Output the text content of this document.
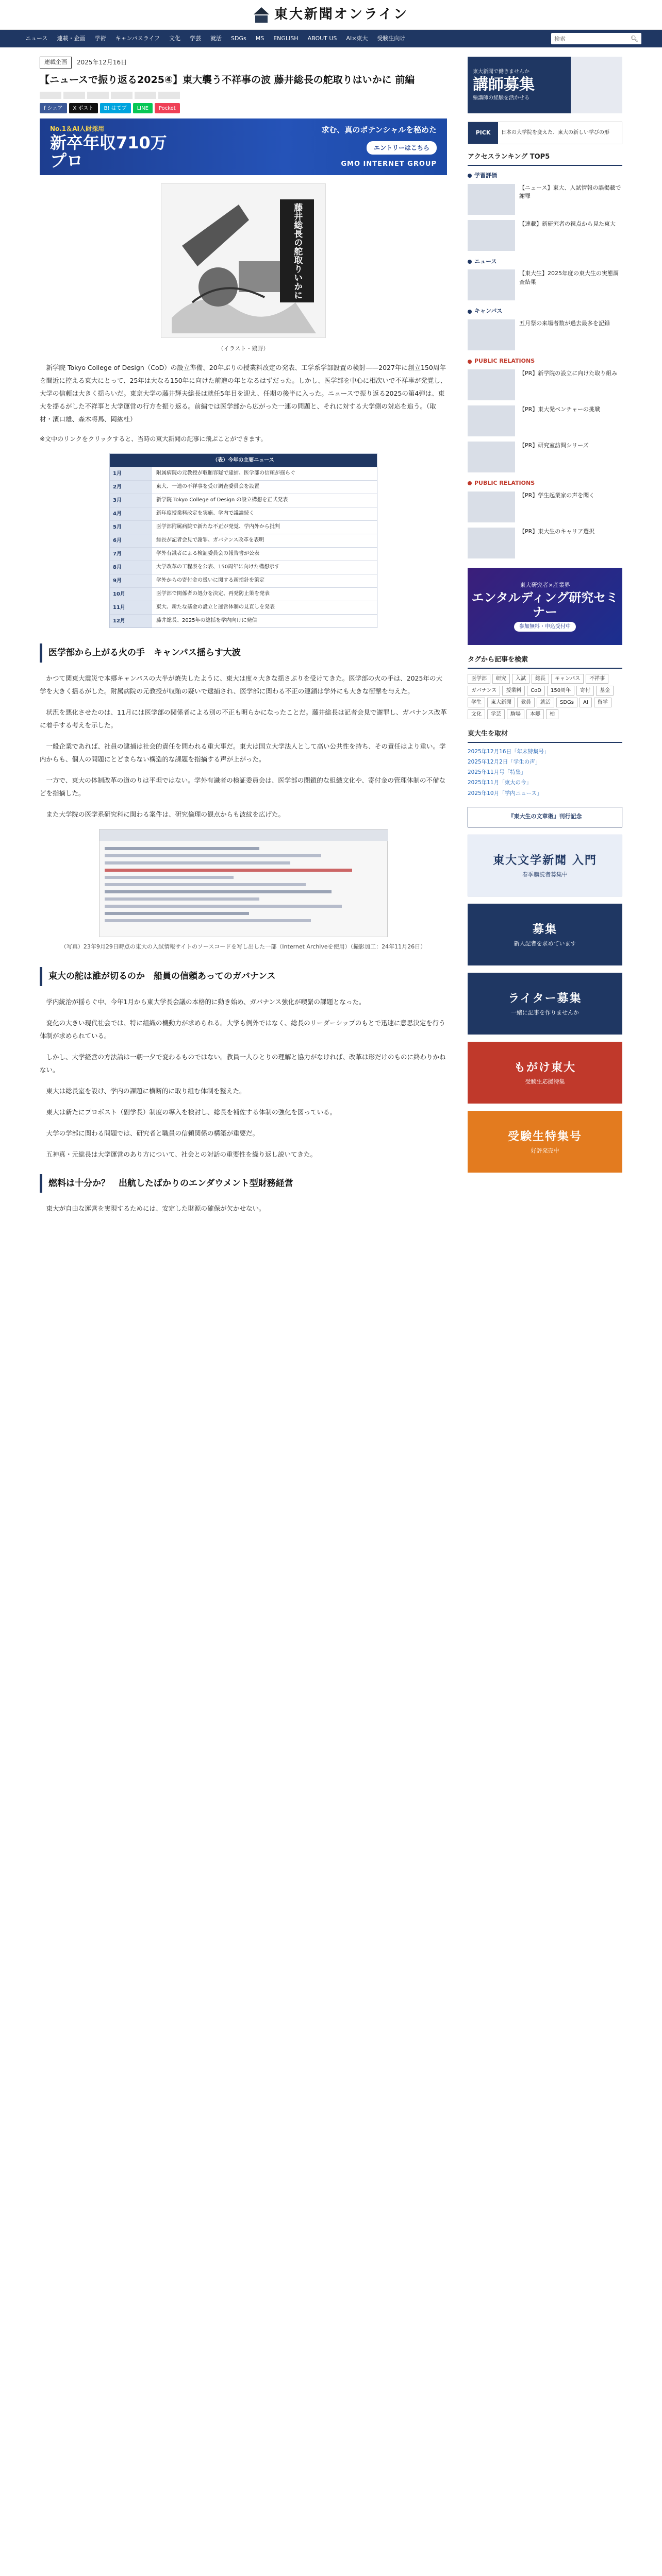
東大新聞オンライン
ニュース	連載・企画	学術	キャンパスライフ	文化	学芸	就活	SDGs	MS	ENGLISH	ABOUT US	AI×東大	受験生向け
検索	🔍︎
連載企画	2025年12月16日
【ニュースで振り返る2025④】東大襲う不祥事の波 藤井総長の舵取りはいかに 前編
f シェア	X ポスト	B! はてブ	LINE	Pocket
No.1＆AI人財採用
新卒年収710万プロ
求む、真のポテンシャルを秘めた
エントリーはこちら
GMO INTERNET GROUP
藤井総長の
舵取りいかに
（イラスト・鶏野）

新学院 Tokyo College of Design（CoD）の設立準備、20年ぶりの授業料改定の発表、工学系学部設置の検討——2027年に創立150周年を間近に控える東大にとって、25年は大なる150年に向けた前進の年となるはずだった。しかし、医学部を中心に相次いで不祥事が発覚し、大学の信頼は大きく揺らいだ。東京大学の藤井輝夫総長は就任5年目を迎え、任期の後半に入った。ニュースで振り返る2025の第4弾は、東大を揺るがした不祥事と大学運営の行方を振り返る。前編では医学部から広がった一連の問題と、それに対する大学側の対応を追う。（取材・濱口雄、森木将馬、岡紘杜）

※文中のリンクをクリックすると、当時の東大新聞の記事に飛ぶことができます。

（表）今年の主要ニュース
1月	附属病院の元教授が収賄容疑で逮捕、医学部の信頼が揺らぐ
2月	東大、一連の不祥事を受け調査委員会を設置
3月	新学院 Tokyo College of Design の設立構想を正式発表
4月	新年度授業料改定を実施、学内で議論続く
5月	医学部附属病院で新たな不正が発覚、学内外から批判
6月	総長が記者会見で謝罪、ガバナンス改革を表明
7月	学外有識者による検証委員会の報告書が公表
8月	大学改革の工程表を公表、150周年に向けた構想示す
9月	学外からの寄付金の扱いに関する新指針を策定
10月	医学部で関係者の処分を決定、再発防止策を発表
11月	東大、新たな基金の設立と運営体制の見直しを発表
12月	藤井総長、2025年の総括を学内向けに発信
医学部から上がる火の手　キャンパス揺らす大波

かつて関東大震災で本郷キャンパスの大半が焼失したように、東大は度々大きな揺さぶりを受けてきた。医学部の火の手は、2025年の大学を大きく揺るがした。附属病院の元教授が収賄の疑いで逮捕され、医学部に関わる不正の連鎖は学外にも大きな衝撃を与えた。

状況を悪化させたのは、11月には医学部の関係者による別の不正も明らかになったことだ。藤井総長は記者会見で謝罪し、ガバナンス改革に着手する考えを示した。

一般企業であれば、社員の逮捕は社会的責任を問われる重大事だ。東大は国立大学法人として高い公共性を持ち、その責任はより重い。学内からも、個人の問題にとどまらない構造的な課題を指摘する声が上がった。

一方で、東大の体制改革の道のりは平坦ではない。学外有識者の検証委員会は、医学部の閉鎖的な組織文化や、寄付金の管理体制の不備などを指摘した。

また大学院の医学系研究科に関わる案件は、研究倫理の観点からも波紋を広げた。

（写真）23年9月29日時点の東大の入試情報サイトのソースコードを写し出した一部（Internet Archiveを使用）（撮影加工：24年11月26日）
東大の舵は誰が切るのか　船員の信頼あってのガバナンス

学内統治が揺らぐ中、今年1月から東大学長会議の本格的に動き始め、ガバナンス強化が喫緊の課題となった。

変化の大きい現代社会では、特に組織の機動力が求められる。大学も例外ではなく、総長のリーダーシップのもとで迅速に意思決定を行う体制が求められている。

しかし、大学経営の方法論は一朝一夕で変わるものではない。教員一人ひとりの理解と協力がなければ、改革は形だけのものに終わりかねない。

東大は総長室を設け、学内の課題に横断的に取り組む体制を整えた。

東大は新たにプロボスト（副学長）制度の導入を検討し、総長を補佐する体制の強化を図っている。

大学の学部に関わる問題では、研究者と職員の信頼関係の構築が重要だ。

五神真・元総長は大学運営のあり方について、社会との対話の重要性を繰り返し説いてきた。

燃料は十分か？　出航したばかりのエンダウメント型財務経営

東大が自由な運営を実現するためには、安定した財源の確保が欠かせない。

東大新聞で働きませんか
講師募集
塾講師の経験を活かせる
PICK	日本の大学院を変えた、東大の新しい学びの形
アクセスランキング TOP5
学習評価
【ニュース】東大、入試情報の誤掲載で謝罪
【連載】新研究者の視点から見た東大
ニュース
【東大生】2025年度の東大生の実態調査結果
キャンパス
五月祭の来場者数が過去最多を記録
PUBLIC RELATIONS
【PR】新学院の設立に向けた取り組み
【PR】東大発ベンチャーの挑戦
【PR】研究室訪問シリーズ
PUBLIC RELATIONS
【PR】学生起業家の声を聞く
【PR】東大生のキャリア選択
東大研究者×産業界
エンタルディング研究セミナー
参加無料・申込受付中
タグから記事を検索
医学部	研究	入試	総長	キャンパス	不祥事
ガバナンス	授業料	CoD	150周年	寄付	基金
学生	東大新聞	教員	就活	SDGs	AI	留学
文化	学芸	駒場	本郷	柏
東大生を取材
2025年12月16日「年末特集号」
2025年12月2日「学生の声」
2025年11月号「特集」
2025年11月「東大の今」
2025年10月「学内ニュース」
『東大生の文章術』刊行記念
東大文学新聞 入門
春季購読者募集中
募集
新人記者を求めています
ライター募集
一緒に記事を作りませんか
もがけ東大
受験生応援特集
受験生特集号
好評発売中
